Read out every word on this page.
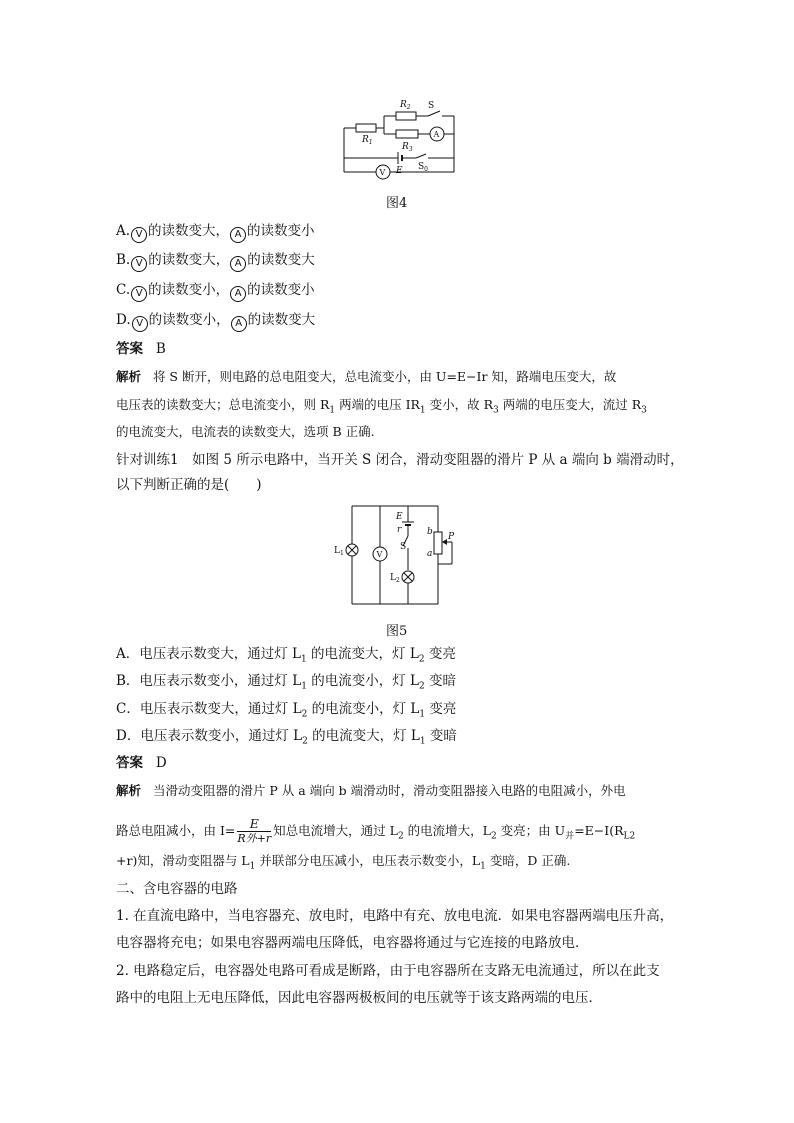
$R_2$ S
$R_1$
A
$R_3$
E $S_0$
V
图4
A. V 的读数变大， A 的读数变小
B. V 的读数变大， A 的读数变大
C. V 的读数变小， A 的读数变小
D. V 的读数变小， A 的读数变大
答案 B
解析 将 S 断开，则电路的总电阻变大，总电流变小，由 U=E−Ir 知，路端电压变大，故
电压表的读数变大；总电流变小，则 $R_1$ 两端的电压 $IR_1$ 变小，故 $R_3$ 两端的电压变大，流过 $R_3$
的电流变大，电流表的读数变大，选项 B 正确.
针对训练1　如图 5 所示电路中，当开关 S 闭合，滑动变阻器的滑片 P 从 a 端向 b 端滑动时，
以下判断正确的是(　　)
$L_1$	V
E
r
S
$L_2$
b
a
P
图5
A．电压表示数变大，通过灯 $L_1$ 的电流变大，灯 $L_2$ 变亮
B．电压表示数变小，通过灯 $L_1$ 的电流变小，灯 $L_2$ 变暗
C．电压表示数变大，通过灯 $L_2$ 的电流变小，灯 $L_1$ 变亮
D．电压表示数变小，通过灯 $L_2$ 的电流变大，灯 $L_1$ 变暗
答案 D
解析 当滑动变阻器的滑片 P 从 a 端向 b 端滑动时，滑动变阻器接入电路的电阻减小，外电
路总电阻减小，由 $I= \frac{E}{\text{R外+r}}$ 知总电流增大，通过 $L_2$ 的电流增大，$L_2$ 变亮；由 $U_并=E-I(R_{L2}$
+r)知，滑动变阻器与 $L_1$ 并联部分电压减小，电压表示数变小，$L_1$ 变暗，D 正确.
二、含电容器的电路
1. 在直流电路中，当电容器充、放电时，电路中有充、放电电流．如果电容器两端电压升高，
电容器将充电；如果电容器两端电压降低，电容器将通过与它连接的电路放电．
2. 电路稳定后，电容器处电路可看成是断路，由于电容器所在支路无电流通过，所以在此支
路中的电阻上无电压降低，因此电容器两极板间的电压就等于该支路两端的电压．
